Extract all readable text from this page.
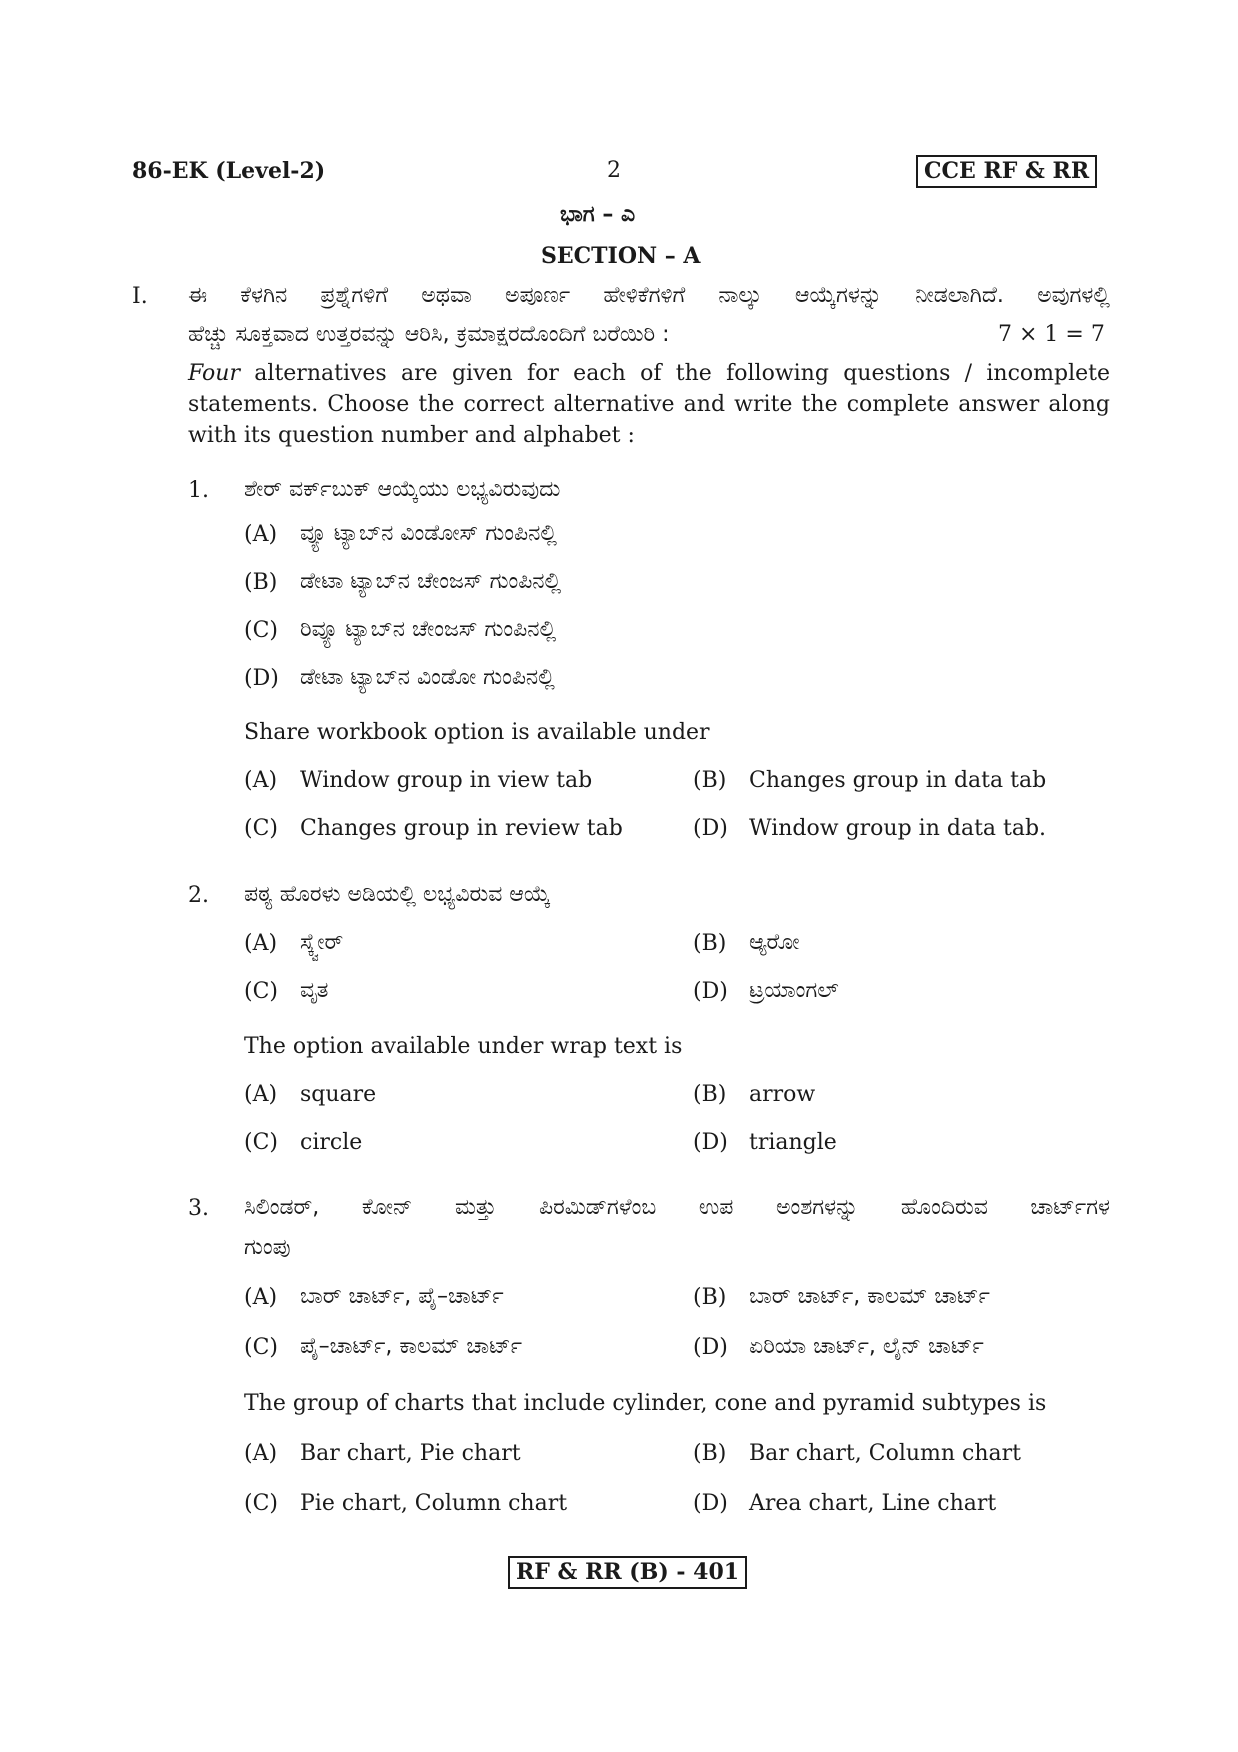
86-EK (Level-2)	2	CCE RF & RR
ಭಾಗ – ಎ
SECTION – A
I. ಈ ಕೆಳಗಿನ ಪ್ರಶ್ನೆಗಳಿಗೆ ಅಥವಾ ಅಪೂರ್ಣ ಹೇಳಿಕೆಗಳಿಗೆ ನಾಲ್ಕು ಆಯ್ಕೆಗಳನ್ನು ನೀಡಲಾಗಿದೆ. ಅವುಗಳಲ್ಲಿ
ಹೆಚ್ಚು ಸೂಕ್ತವಾದ ಉತ್ತರವನ್ನು ಆರಿಸಿ, ಕ್ರಮಾಕ್ಷರದೊಂದಿಗೆ ಬರೆಯಿರಿ :	7 × 1 = 7
Four alternatives are given for each of the following questions / incomplete
statements. Choose the correct alternative and write the complete answer along
with its question number and alphabet :
1. ಶೇರ್ ವರ್ಕ್‌ಬುಕ್ ಆಯ್ಕೆಯು ಲಭ್ಯವಿರುವುದು
(A) ವ್ಯೂ ಟ್ಯಾಬ್‌ನ ವಿಂಡೋಸ್ ಗುಂಪಿನಲ್ಲಿ
(B) ಡೇಟಾ ಟ್ಯಾಬ್‌ನ ಚೇಂಜಸ್ ಗುಂಪಿನಲ್ಲಿ
(C) ರಿವ್ಯೂ ಟ್ಯಾಬ್‌ನ ಚೇಂಜಸ್ ಗುಂಪಿನಲ್ಲಿ
(D) ಡೇಟಾ ಟ್ಯಾಬ್‌ನ ವಿಂಡೋ ಗುಂಪಿನಲ್ಲಿ
Share workbook option is available under
(A) Window group in view tab	(B) Changes group in data tab
(C) Changes group in review tab	(D) Window group in data tab.
2. ಪಠ್ಯ ಹೊರಳು ಅಡಿಯಲ್ಲಿ ಲಭ್ಯವಿರುವ ಆಯ್ಕೆ
(A) ಸ್ಕ್ವೇರ್	(B) ಆ್ಯರೋ
(C) ವೃತ	(D) ಟ್ರಯಾಂಗಲ್
The option available under wrap text is
(A) square	(B) arrow
(C) circle	(D) triangle
3. ಸಿಲಿಂಡರ್, ಕೋನ್ ಮತ್ತು ಪಿರಮಿಡ್‌ಗಳೆಂಬ ಉಪ ಅಂಶಗಳನ್ನು ಹೊಂದಿರುವ ಚಾರ್ಟ್‌ಗಳ
ಗುಂಪು
(A) ಬಾರ್ ಚಾರ್ಟ್, ಪೈ–ಚಾರ್ಟ್	(B) ಬಾರ್ ಚಾರ್ಟ್, ಕಾಲಮ್ ಚಾರ್ಟ್
(C) ಪೈ–ಚಾರ್ಟ್, ಕಾಲಮ್ ಚಾರ್ಟ್	(D) ಏರಿಯಾ ಚಾರ್ಟ್, ಲೈನ್ ಚಾರ್ಟ್
The group of charts that include cylinder, cone and pyramid subtypes is
(A) Bar chart, Pie chart	(B) Bar chart, Column chart
(C) Pie chart, Column chart	(D) Area chart, Line chart
RF & RR (B) - 401
